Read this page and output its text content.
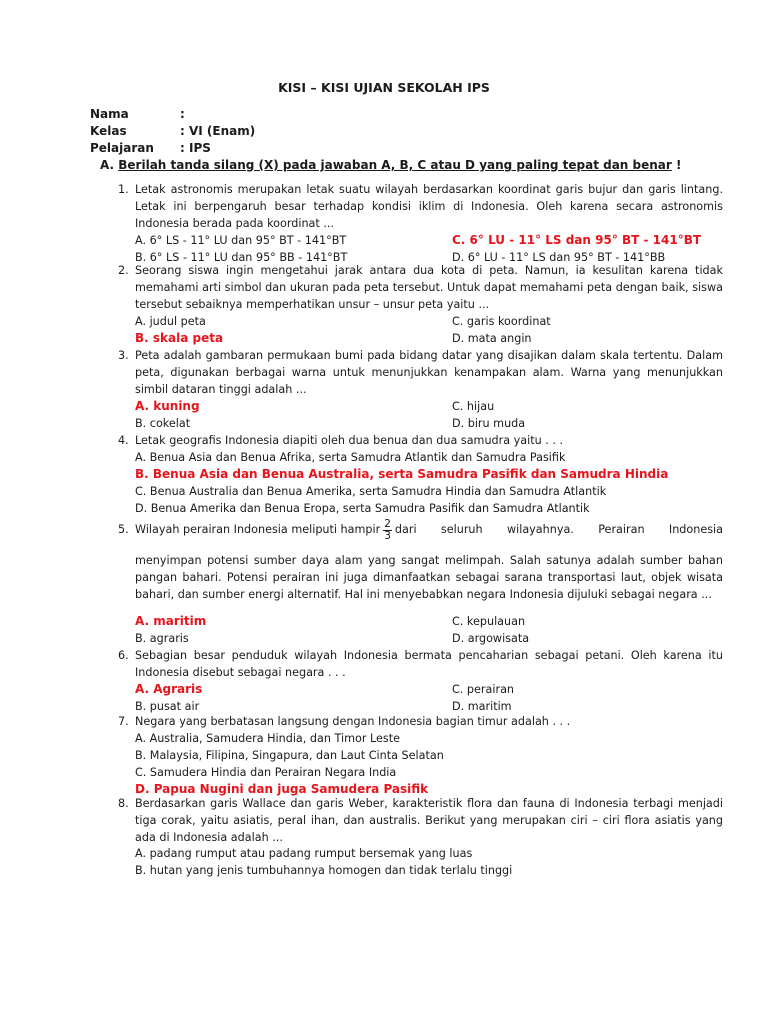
KISI – KISI UJIAN SEKOLAH IPS
Nama	:
Kelas	: VI (Enam)
Pelajaran : IPS
A. Berilah tanda silang (X) pada jawaban A, B, C atau D yang paling tepat dan benar !
1. Letak astronomis merupakan letak suatu wilayah berdasarkan koordinat garis bujur dan garis lintang. Letak ini berpengaruh besar terhadap kondisi iklim di Indonesia. Oleh karena secara astronomis Indonesia berada pada koordinat ...
A. 6° LS - 11° LU dan 95° BT - 141°BT	C. 6° LU - 11° LS dan 95° BT - 141°BT
B. 6° LS - 11° LU dan 95° BB - 141°BT	D. 6° LU - 11° LS dan 95° BT - 141°BB
2. Seorang siswa ingin mengetahui jarak antara dua kota di peta. Namun, ia kesulitan karena tidak memahami arti simbol dan ukuran pada peta tersebut. Untuk dapat memahami peta dengan baik, siswa tersebut sebaiknya memperhatikan unsur – unsur peta yaitu ...
A. judul peta	C. garis koordinat
B. skala peta	D. mata angin
3. Peta adalah gambaran permukaan bumi pada bidang datar yang disajikan dalam skala tertentu. Dalam peta, digunakan berbagai warna untuk menunjukkan kenampakan alam. Warna yang menunjukkan simbil dataran tinggi adalah ...
A. kuning	C. hijau
B. cokelat	D. biru muda
4. Letak geografis Indonesia diapiti oleh dua benua dan dua samudra yaitu . . .
A. Benua Asia dan Benua Afrika, serta Samudra Atlantik dan Samudra Pasifik
B. Benua Asia dan Benua Australia, serta Samudra Pasifik dan Samudra Hindia
C. Benua Australia dan Benua Amerika, serta Samudra Hindia dan Samudra Atlantik
D. Benua Amerika dan Benua Eropa, serta Samudra Pasifik dan Samudra Atlantik
5. Wilayah perairan Indonesia meliputi hampir $\frac{2}{3}$ dari seluruh wilayahnya. Perairan Indonesia
menyimpan potensi sumber daya alam yang sangat melimpah. Salah satunya adalah sumber bahan pangan bahari. Potensi perairan ini juga dimanfaatkan sebagai sarana transportasi laut, objek wisata bahari, dan sumber energi alternatif. Hal ini menyebabkan negara Indonesia dijuluki sebagai negara ...
A. maritim	C. kepulauan
B. agraris	D. argowisata
6. Sebagian besar penduduk wilayah Indonesia bermata pencaharian sebagai petani. Oleh karena itu Indonesia disebut sebagai negara . . .
A. Agraris	C. perairan
B. pusat air	D. maritim
7. Negara yang berbatasan langsung dengan Indonesia bagian timur adalah . . .
A. Australia, Samudera Hindia, dan Timor Leste
B. Malaysia, Filipina, Singapura, dan Laut Cinta Selatan
C. Samudera Hindia dan Perairan Negara India
D. Papua Nugini dan juga Samudera Pasifik
8. Berdasarkan garis Wallace dan garis Weber, karakteristik flora dan fauna di Indonesia terbagi menjadi tiga corak, yaitu asiatis, peral ihan, dan australis. Berikut yang merupakan ciri – ciri flora asiatis yang ada di Indonesia adalah ...
A. padang rumput atau padang rumput bersemak yang luas
B. hutan yang jenis tumbuhannya homogen dan tidak terlalu tinggi
